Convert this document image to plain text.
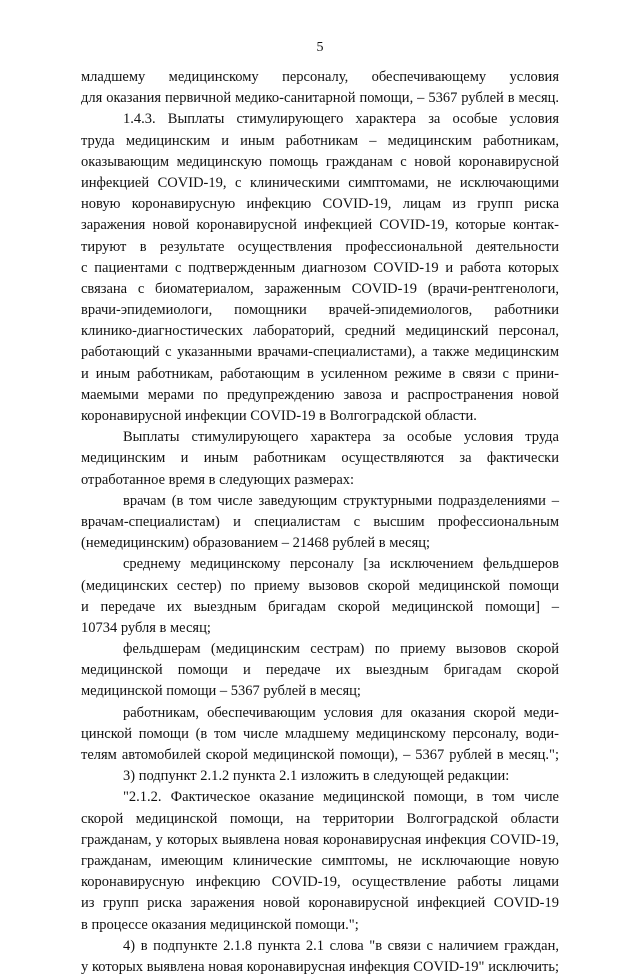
5
младшему медицинскому персоналу, обеспечивающему условия
для оказания первичной медико-санитарной помощи, – 5367 рублей в месяц.
1.4.3. Выплаты стимулирующего характера за особые условия
труда медицинским и иным работникам – медицинским работникам,
оказывающим медицинскую помощь гражданам с новой коронавирусной
инфекцией COVID-19, с клиническими симптомами, не исключающими
новую коронавирусную инфекцию COVID-19, лицам из групп риска
заражения новой коронавирусной инфекцией COVID-19, которые контак-
тируют в результате осуществления профессиональной деятельности
с пациентами с подтвержденным диагнозом COVID-19 и работа которых
связана с биоматериалом, зараженным COVID-19 (врачи-рентгенологи,
врачи-эпидемиологи, помощники врачей-эпидемиологов, работники
клинико-диагностических лабораторий, средний медицинский персонал,
работающий с указанными врачами-специалистами), а также медицинским
и иным работникам, работающим в усиленном режиме в связи с прини-
маемыми мерами по предупреждению завоза и распространения новой
коронавирусной инфекции COVID-19 в Волгоградской области.
Выплаты стимулирующего характера за особые условия труда
медицинским и иным работникам осуществляются за фактически
отработанное время в следующих размерах:
врачам (в том числе заведующим структурными подразделениями –
врачам-специалистам) и специалистам с высшим профессиональным
(немедицинским) образованием – 21468 рублей в месяц;
среднему медицинскому персоналу [за исключением фельдшеров
(медицинских сестер) по приему вызовов скорой медицинской помощи
и передаче их выездным бригадам скорой медицинской помощи] –
10734 рубля в месяц;
фельдшерам (медицинским сестрам) по приему вызовов скорой
медицинской помощи и передаче их выездным бригадам скорой
медицинской помощи – 5367 рублей в месяц;
работникам, обеспечивающим условия для оказания скорой меди-
цинской помощи (в том числе младшему медицинскому персоналу, води-
телям автомобилей скорой медицинской помощи), – 5367 рублей в месяц.";
3) подпункт 2.1.2 пункта 2.1 изложить в следующей редакции:
"2.1.2. Фактическое оказание медицинской помощи, в том числе
скорой медицинской помощи, на территории Волгоградской области
гражданам, у которых выявлена новая коронавирусная инфекция COVID-19,
гражданам, имеющим клинические симптомы, не исключающие новую
коронавирусную инфекцию COVID-19, осуществление работы лицами
из групп риска заражения новой коронавирусной инфекцией COVID-19
в процессе оказания медицинской помощи.";
4) в подпункте 2.1.8 пункта 2.1 слова "в связи с наличием граждан,
у которых выявлена новая коронавирусная инфекция COVID-19" исключить;
